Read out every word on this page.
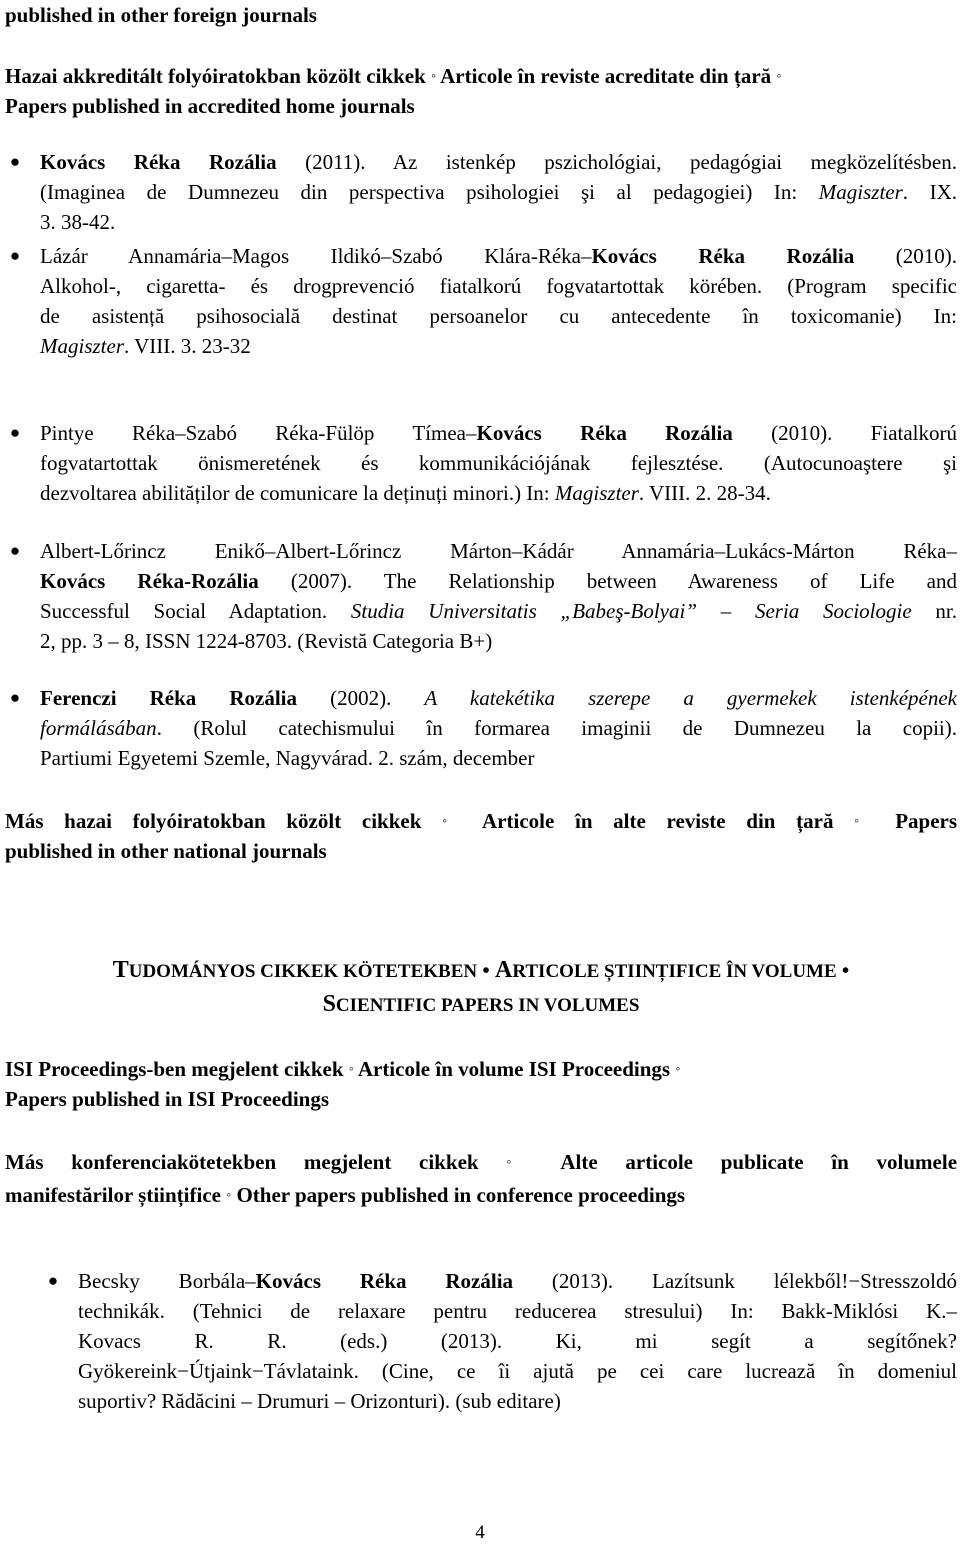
published in other foreign journals
Hazai akkreditált folyóiratokban közölt cikkek ◦ Articole în reviste acreditate din țară ◦
Papers published in accredited home journals
● Kovács Réka Rozália (2011). Az istenkép pszichológiai, pedagógiai megközelítésben.
(Imaginea de Dumnezeu din perspectiva psihologiei şi al pedagogiei) In: Magiszter. IX.
3. 38-42.
● Lázár Annamária–Magos Ildikó–Szabó Klára-Réka–Kovács Réka Rozália (2010).
Alkohol-, cigaretta- és drogprevenció fiatalkorú fogvatartottak körében. (Program specific
de asistență psihosocială destinat persoanelor cu antecedente în toxicomanie) In:
Magiszter. VIII. 3. 23-32
● Pintye Réka–Szabó Réka-Fülöp Tímea–Kovács Réka Rozália (2010). Fiatalkorú
fogvatartottak önismeretének és kommunikációjának fejlesztése. (Autocunoaştere şi
dezvoltarea abilităților de comunicare la deținuți minori.) In: Magiszter. VIII. 2. 28-34.
● Albert-Lőrincz Enikő–Albert-Lőrincz Márton–Kádár Annamária–Lukács-Márton Réka–
Kovács Réka-Rozália (2007). The Relationship between Awareness of Life and
Successful Social Adaptation. Studia Universitatis „Babeş-Bolyai” – Seria Sociologie nr.
2, pp. 3 – 8, ISSN 1224-8703. (Revistă Categoria B+)
● Ferenczi Réka Rozália (2002). A katekétika szerepe a gyermekek istenképének
formálásában. (Rolul catechismului în formarea imaginii de Dumnezeu la copii).
Partiumi Egyetemi Szemle, Nagyvárad. 2. szám, december
Más hazai folyóiratokban közölt cikkek ◦ Articole în alte reviste din țară ◦ Papers
published in other national journals
TUDOMÁNYOS CIKKEK KÖTETEKBEN • ARTICOLE ȘTIINȚIFICE ÎN VOLUME •
SCIENTIFIC PAPERS IN VOLUMES
ISI Proceedings-ben megjelent cikkek ◦ Articole în volume ISI Proceedings ◦
Papers published in ISI Proceedings
Más konferenciakötetekben megjelent cikkek ◦ Alte articole publicate în volumele
manifestărilor științifice ◦ Other papers published in conference proceedings
● Becsky Borbála–Kovács Réka Rozália (2013). Lazítsunk lélekből!−Stresszoldó
technikák. (Tehnici de relaxare pentru reducerea stresului) In: Bakk-Miklósi K.–
Kovacs R. R. (eds.) (2013). Ki, mi segít a segítőnek?
Gyökereink−Útjaink−Távlataink. (Cine, ce îi ajută pe cei care lucrează în domeniul
suportiv? Rădăcini – Drumuri – Orizonturi). (sub editare)
4
